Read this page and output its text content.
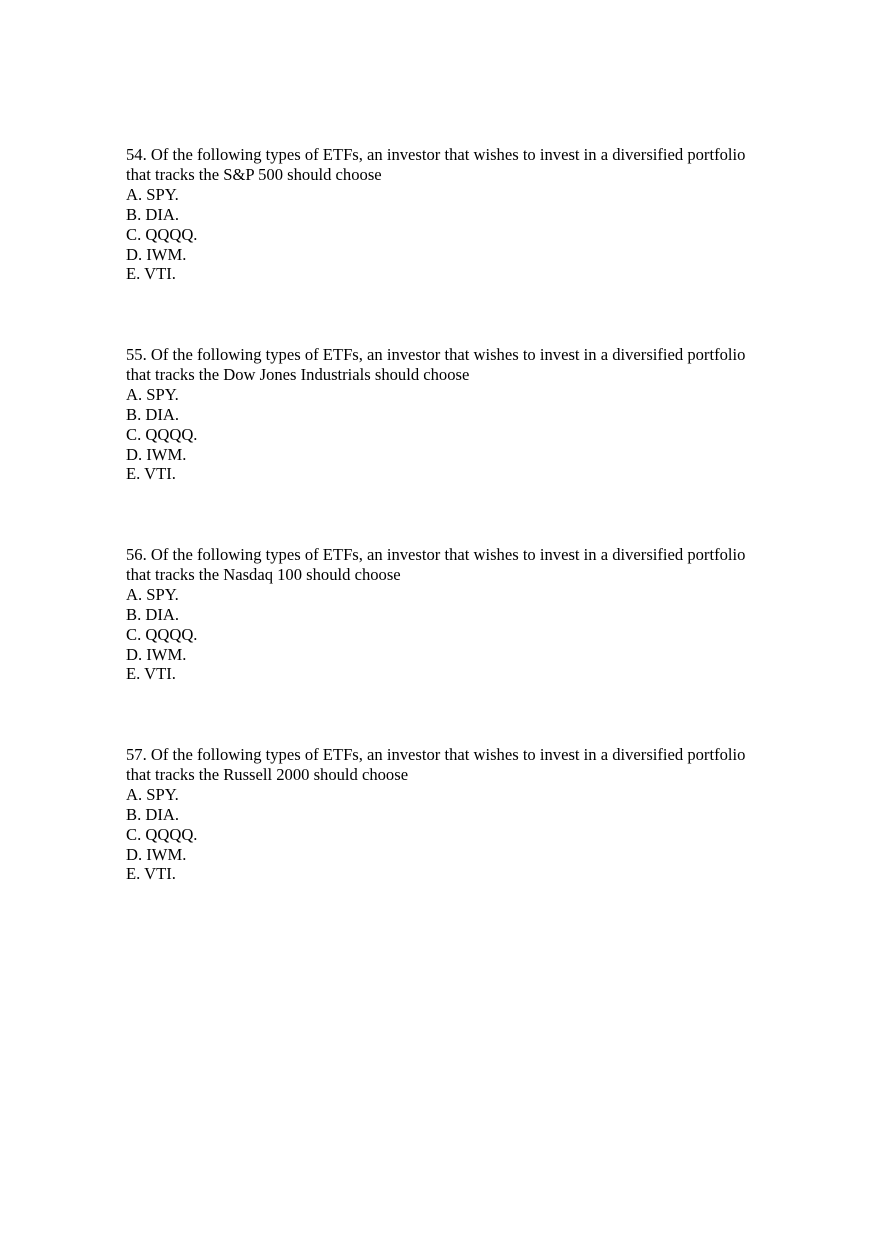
54. Of the following types of ETFs, an investor that wishes to invest in a diversified portfolio
that tracks the S&P 500 should choose
A. SPY.
B. DIA.
C. QQQQ.
D. IWM.
E. VTI.
55. Of the following types of ETFs, an investor that wishes to invest in a diversified portfolio
that tracks the Dow Jones Industrials should choose
A. SPY.
B. DIA.
C. QQQQ.
D. IWM.
E. VTI.
56. Of the following types of ETFs, an investor that wishes to invest in a diversified portfolio
that tracks the Nasdaq 100 should choose
A. SPY.
B. DIA.
C. QQQQ.
D. IWM.
E. VTI.
57. Of the following types of ETFs, an investor that wishes to invest in a diversified portfolio
that tracks the Russell 2000 should choose
A. SPY.
B. DIA.
C. QQQQ.
D. IWM.
E. VTI.
